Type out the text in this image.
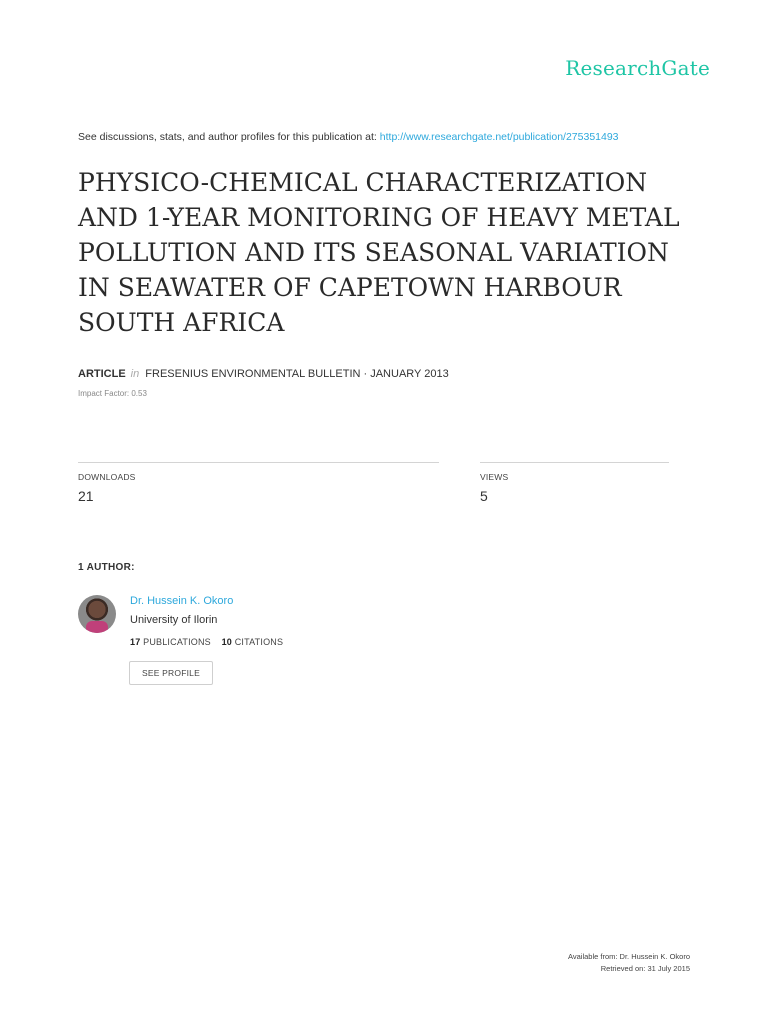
ResearchGate
See discussions, stats, and author profiles for this publication at: http://www.researchgate.net/publication/275351493
PHYSICO-CHEMICAL CHARACTERIZATION AND 1-YEAR MONITORING OF HEAVY METAL POLLUTION AND ITS SEASONAL VARIATION IN SEAWATER OF CAPETOWN HARBOUR SOUTH AFRICA
ARTICLE in FRESENIUS ENVIRONMENTAL BULLETIN · JANUARY 2013
Impact Factor: 0.53
DOWNLOADS
21
VIEWS
5
1 AUTHOR:
Dr. Hussein K. Okoro
University of Ilorin
17 PUBLICATIONS 10 CITATIONS
SEE PROFILE
Available from: Dr. Hussein K. Okoro
Retrieved on: 31 July 2015
